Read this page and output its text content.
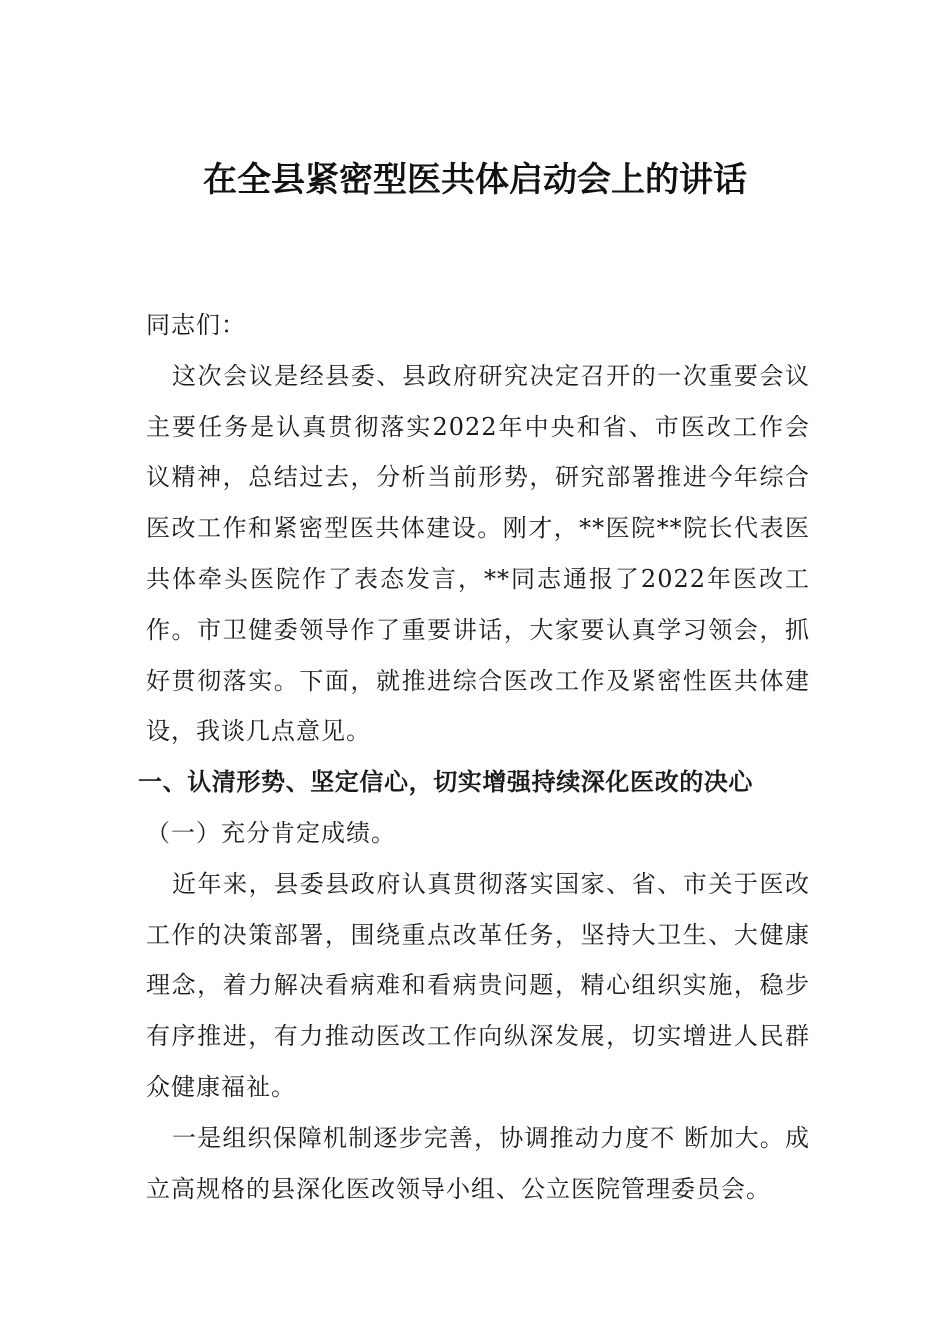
在全县紧密型医共体启动会上的讲话

同志们：

这次会议是经县委、县政府研究决定召开的一次重要会议主要任务是认真贯彻落实2022年中央和省、市医改工作会议精神，总结过去，分析当前形势，研究部署推进今年综合医改工作和紧密型医共体建设。刚才，**医院**院长代表医共体牵头医院作了表态发言，**同志通报了2022年医改工作。市卫健委领导作了重要讲话，大家要认真学习领会，抓好贯彻落实。下面，就推进综合医改工作及紧密性医共体建设，我谈几点意见。

一、认清形势、坚定信心，切实增强持续深化医改的决心

（一）充分肯定成绩。

近年来，县委县政府认真贯彻落实国家、省、市关于医改工作的决策部署，围绕重点改革任务，坚持大卫生、大健康理念，着力解决看病难和看病贵问题，精心组织实施，稳步有序推进，有力推动医改工作向纵深发展，切实增进人民群众健康福祉。

一是组织保障机制逐步完善，协调推动力度不 断加大。成立高规格的县深化医改领导小组、公立医院管理委员会。
